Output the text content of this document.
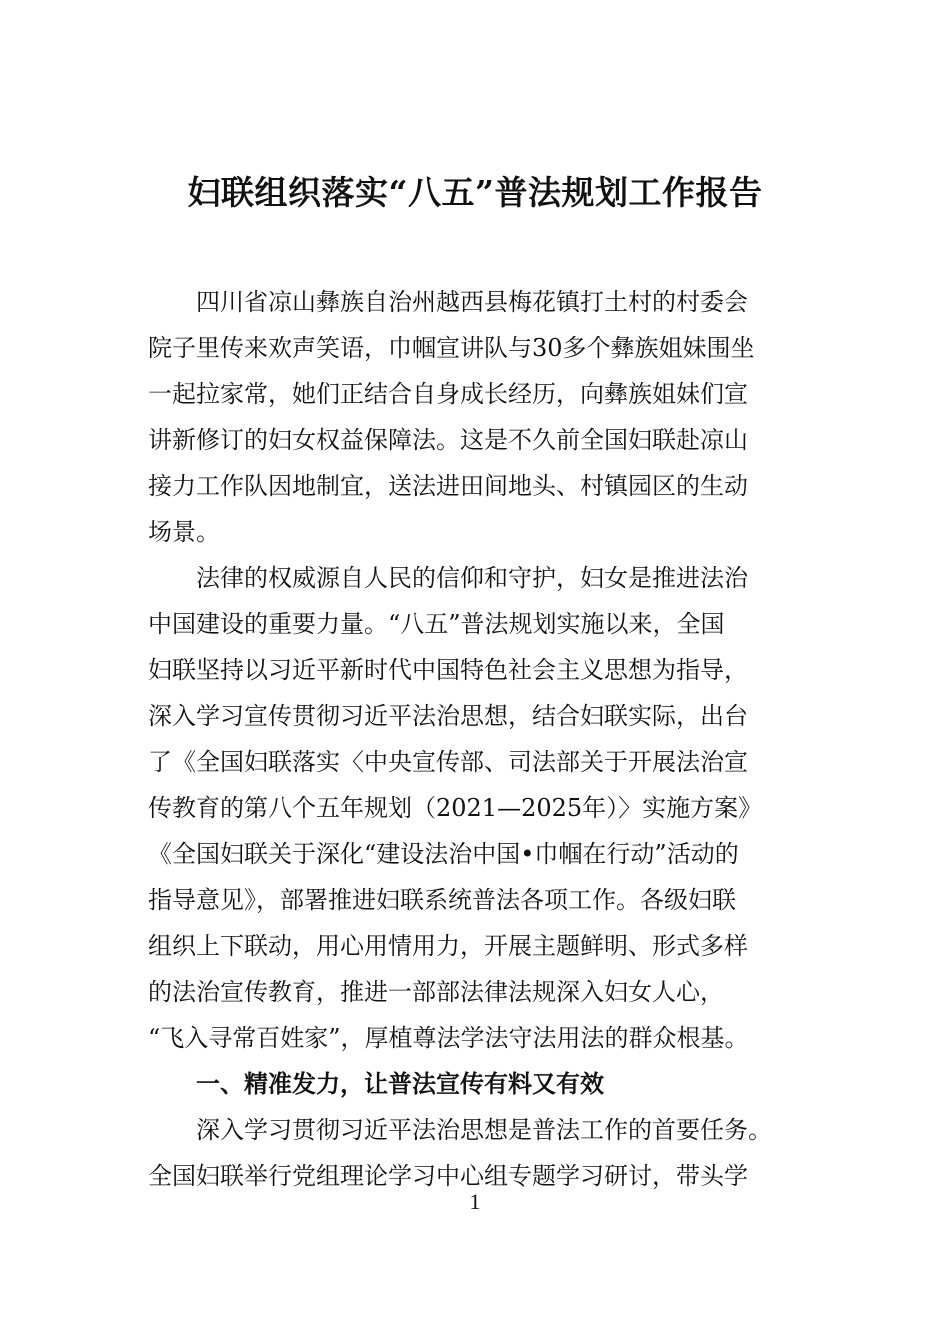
妇联组织落实“八五”普法规划工作报告
四川省凉山彝族自治州越西县梅花镇打土村的村委会
院子里传来欢声笑语，巾帼宣讲队与30多个彝族姐妹围坐
一起拉家常，她们正结合自身成长经历，向彝族姐妹们宣
讲新修订的妇女权益保障法。这是不久前全国妇联赴凉山
接力工作队因地制宜，送法进田间地头、村镇园区的生动
场景。
法律的权威源自人民的信仰和守护，妇女是推进法治
中国建设的重要力量。“八五”普法规划实施以来，全国
妇联坚持以习近平新时代中国特色社会主义思想为指导，
深入学习宣传贯彻习近平法治思想，结合妇联实际，出台
了《全国妇联落实〈中央宣传部、司法部关于开展法治宣
传教育的第八个五年规划（2021—2025年）〉实施方案》
《全国妇联关于深化“建设法治中国•巾帼在行动”活动的
指导意见》，部署推进妇联系统普法各项工作。各级妇联
组织上下联动，用心用情用力，开展主题鲜明、形式多样
的法治宣传教育，推进一部部法律法规深入妇女人心，
“飞入寻常百姓家”，厚植尊法学法守法用法的群众根基。
一、精准发力，让普法宣传有料又有效
深入学习贯彻习近平法治思想是普法工作的首要任务。
全国妇联举行党组理论学习中心组专题学习研讨，带头学
1
